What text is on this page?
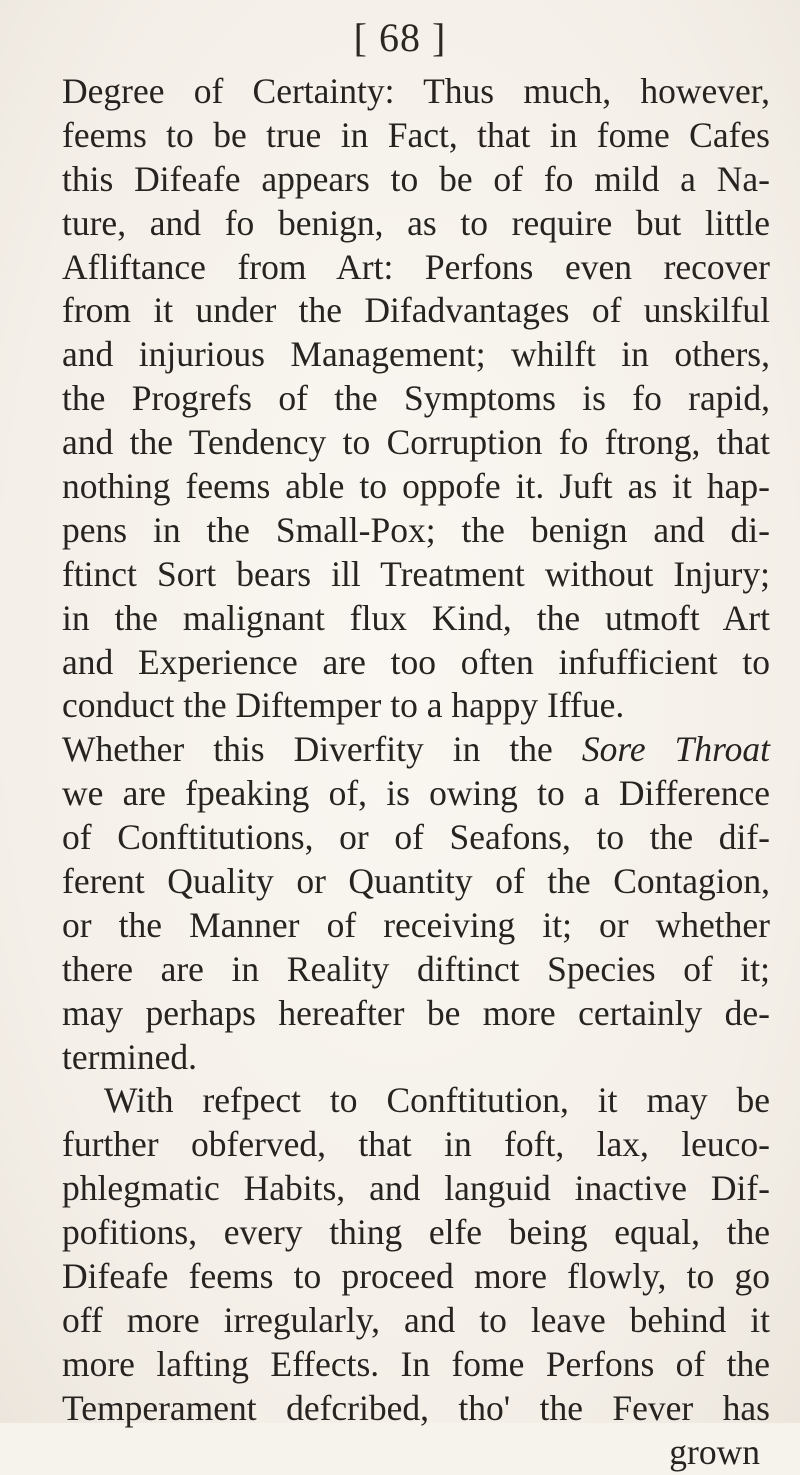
[ 68 ]
Degree of Certainty: Thus much, however,
feems to be true in Fact, that in fome Cafes
this Difeafe appears to be of fo mild a Na-
ture, and fo benign, as to require but little
Afliftance from Art: Perfons even recover
from it under the Difadvantages of unskilful
and injurious Management; whilft in others,
the Progrefs of the Symptoms is fo rapid,
and the Tendency to Corruption fo ftrong, that
nothing feems able to oppofe it. Juft as it hap-
pens in the Small-Pox; the benign and di-
ftinct Sort bears ill Treatment without Injury;
in the malignant flux Kind, the utmoft Art
and Experience are too often infufficient to
conduct the Diftemper to a happy Iffue.
Whether this Diverfity in the Sore Throat
we are fpeaking of, is owing to a Difference
of Conftitutions, or of Seafons, to the dif-
ferent Quality or Quantity of the Contagion,
or the Manner of receiving it; or whether
there are in Reality diftinct Species of it;
may perhaps hereafter be more certainly de-
termined.
With refpect to Conftitution, it may be
further obferved, that in foft, lax, leuco-
phlegmatic Habits, and languid inactive Dif-
pofitions, every thing elfe being equal, the
Difeafe feems to proceed more flowly, to go
off more irregularly, and to leave behind it
more lafting Effects. In fome Perfons of the
Temperament defcribed, tho' the Fever has
grown
